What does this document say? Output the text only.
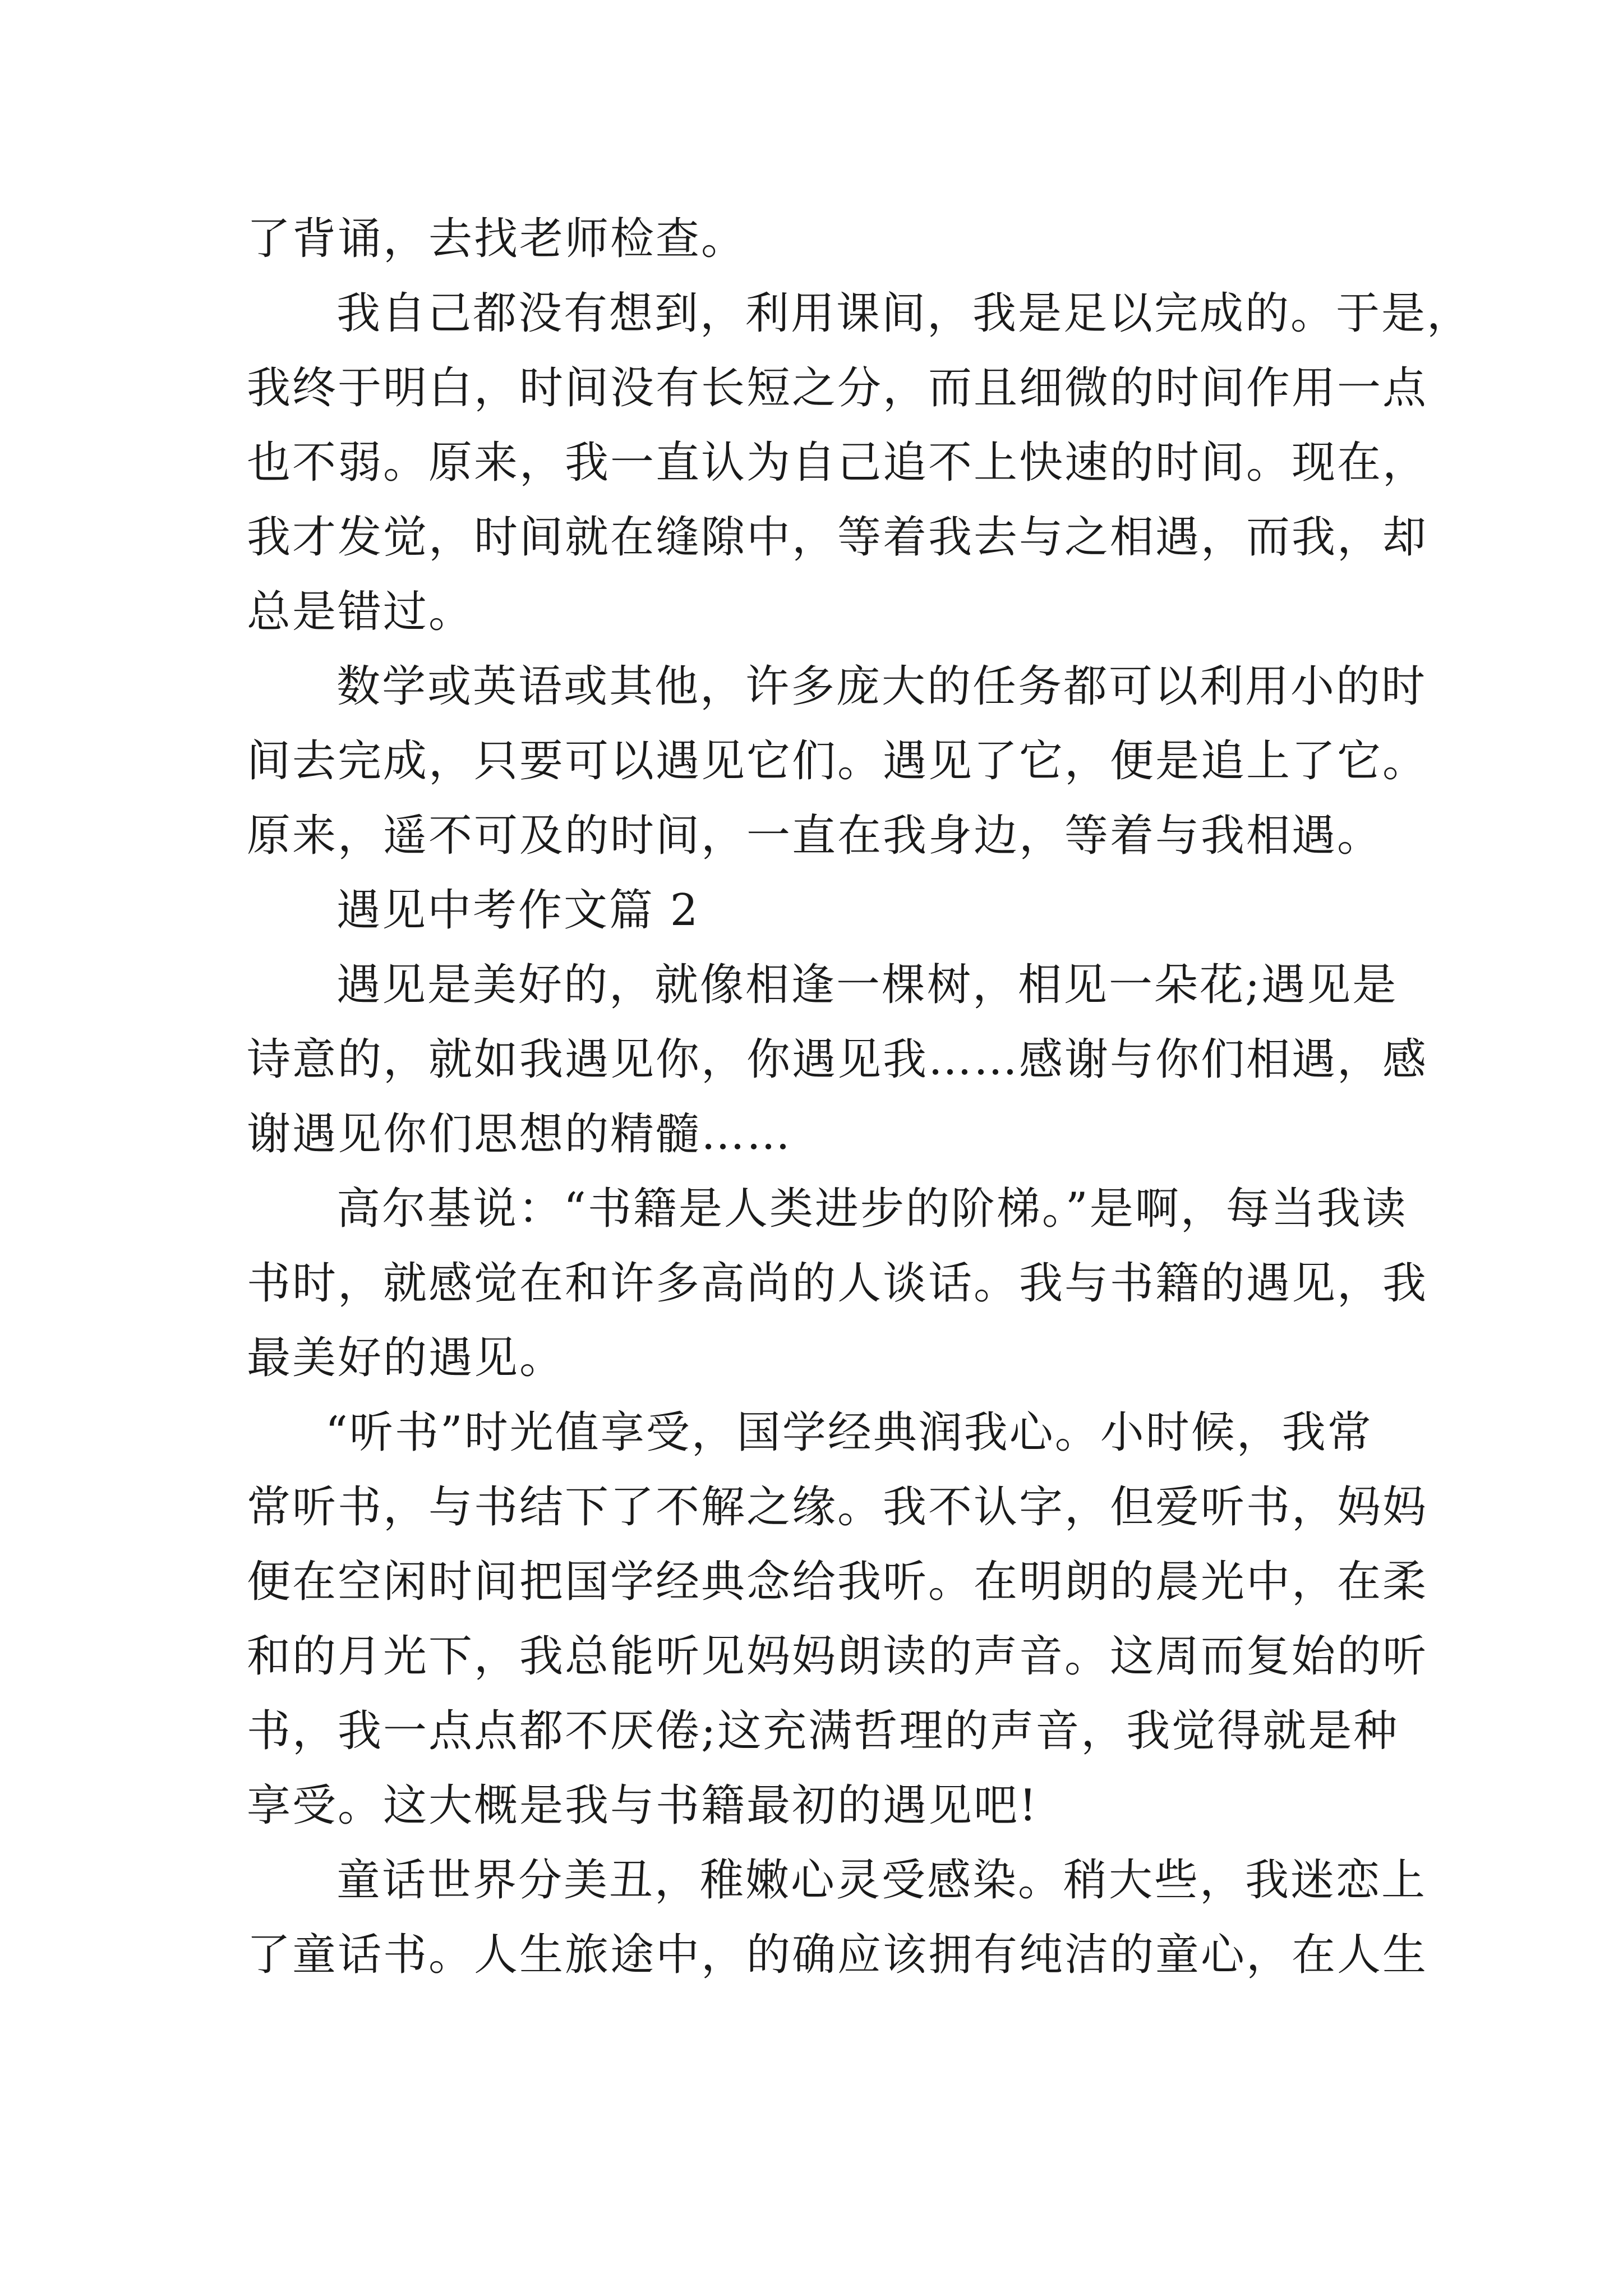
了背诵，去找老师检查。
我自己都没有想到，利用课间，我是足以完成的。于是，
我终于明白，时间没有长短之分，而且细微的时间作用一点
也不弱。原来，我一直认为自己追不上快速的时间。现在，
我才发觉，时间就在缝隙中，等着我去与之相遇，而我，却
总是错过。
数学或英语或其他，许多庞大的任务都可以利用小的时
间去完成，只要可以遇见它们。遇见了它，便是追上了它。
原来，遥不可及的时间，一直在我身边，等着与我相遇。
遇见中考作文篇 2
遇见是美好的，就像相逢一棵树，相见一朵花;遇见是
诗意的，就如我遇见你，你遇见我……感谢与你们相遇，感
谢遇见你们思想的精髓……
高尔基说：“书籍是人类进步的阶梯。”是啊，每当我读
书时，就感觉在和许多高尚的人谈话。我与书籍的遇见，我
最美好的遇见。
“听书”时光值享受，国学经典润我心。小时候，我常
常听书，与书结下了不解之缘。我不认字，但爱听书，妈妈
便在空闲时间把国学经典念给我听。在明朗的晨光中，在柔
和的月光下，我总能听见妈妈朗读的声音。这周而复始的听
书，我一点点都不厌倦;这充满哲理的声音，我觉得就是种
享受。这大概是我与书籍最初的遇见吧!
童话世界分美丑，稚嫩心灵受感染。稍大些，我迷恋上
了童话书。人生旅途中，的确应该拥有纯洁的童心，在人生
